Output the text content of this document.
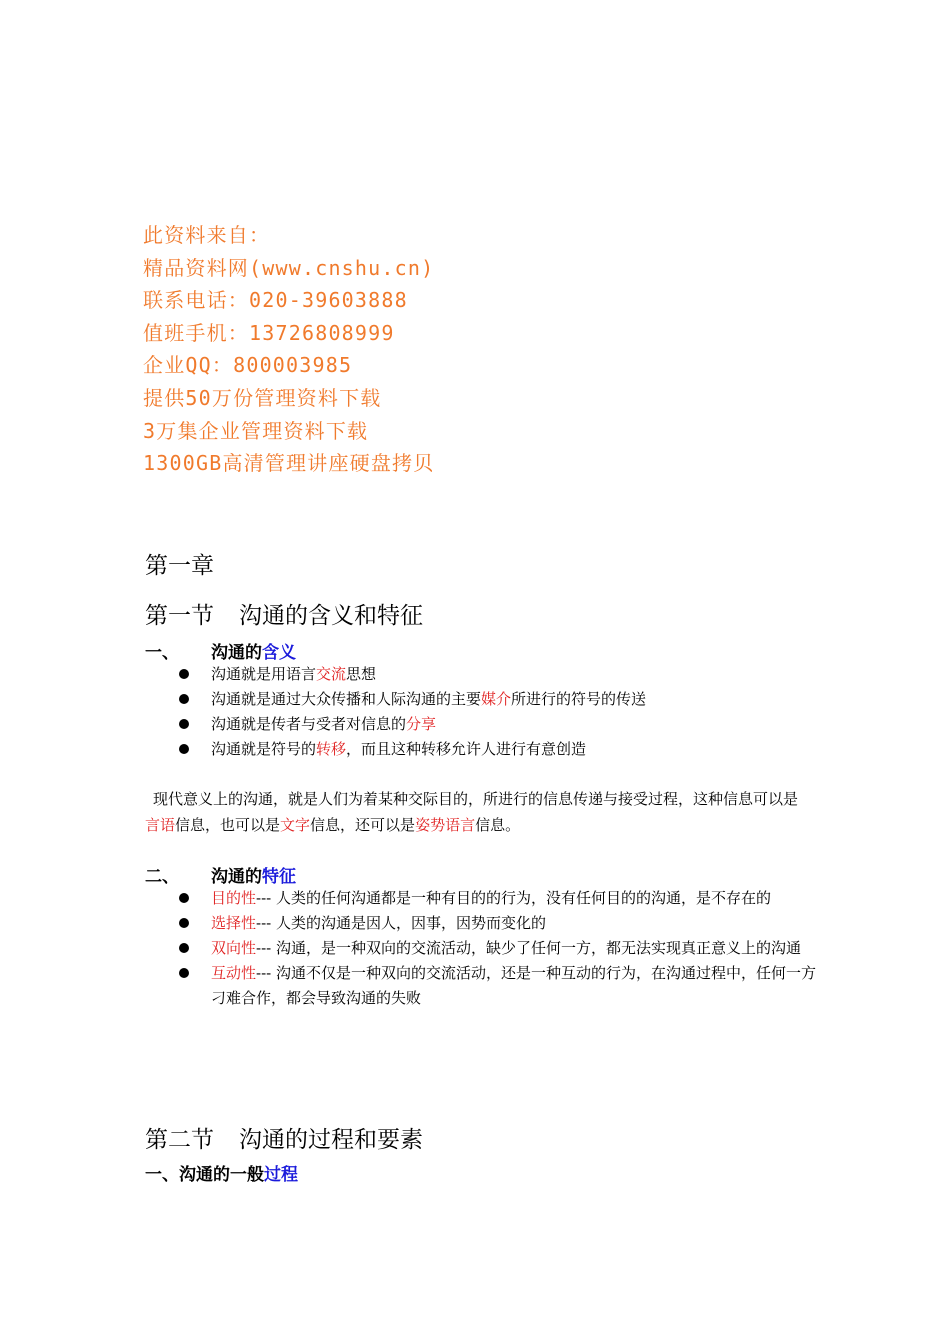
此资料来自：
精品资料网(www.cnshu.cn)
联系电话：020-39603888
值班手机：13726808999
企业QQ：800003985
提供50万份管理资料下载
3万集企业管理资料下载
1300GB高清管理讲座硬盘拷贝
第一章
第一节 沟通的含义和特征
一、 沟通的含义
沟通就是用语言交流思想
沟通就是通过大众传播和人际沟通的主要媒介所进行的符号的传送
沟通就是传者与受者对信息的分享
沟通就是符号的转移，而且这种转移允许人进行有意创造
现代意义上的沟通，就是人们为着某种交际目的，所进行的信息传递与接受过程，这种信息可以是言语信息，也可以是文字信息，还可以是姿势语言信息。
二、 沟通的特征
目的性--- 人类的任何沟通都是一种有目的的行为，没有任何目的的沟通，是不存在的
选择性--- 人类的沟通是因人，因事，因势而变化的
双向性--- 沟通，是一种双向的交流活动，缺少了任何一方，都无法实现真正意义上的沟通
互动性--- 沟通不仅是一种双向的交流活动，还是一种互动的行为，在沟通过程中，任何一方刁难合作，都会导致沟通的失败
第二节 沟通的过程和要素
一、沟通的一般过程
